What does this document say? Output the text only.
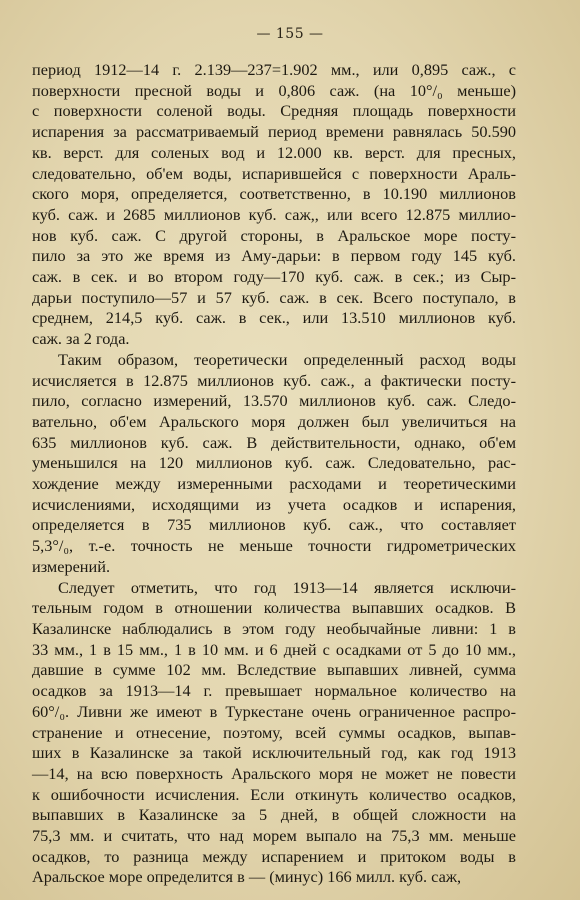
— 155 —
период 1912—14 г. 2.139—237=1.902 мм., или 0,895 саж., с
поверхности пресной воды и 0,806 саж. (на 10°/₀ меньше)
с поверхности соленой воды. Средняя площадь поверхности
испарения за рассматриваемый период времени равнялась 50.590
кв. верст. для соленых вод и 12.000 кв. верст. для пресных,
следовательно, об'ем воды, испарившейся с поверхности Араль-
ского моря, определяется, соответственно, в 10.190 миллионов
куб. саж. и 2685 миллионов куб. саж,, или всего 12.875 миллио-
нов куб. саж. С другой стороны, в Аральское море посту-
пило за это же время из Аму-дарьи: в первом году 145 куб.
саж. в сек. и во втором году—170 куб. саж. в сек.; из Сыр-
дарьи поступило—57 и 57 куб. саж. в сек. Всего поступало, в
среднем, 214,5 куб. саж. в сек., или 13.510 миллионов куб.
саж. за 2 года.
Таким образом, теоретически определенный расход воды
исчисляется в 12.875 миллионов куб. саж., а фактически посту-
пило, согласно измерений, 13.570 миллионов куб. саж. Следо-
вательно, об'ем Аральского моря должен был увеличиться на
635 миллионов куб. саж. В действительности, однако, об'ем
уменьшился на 120 миллионов куб. саж. Следовательно, рас-
хождение между измеренными расходами и теоретическими
исчислениями, исходящими из учета осадков и испарения,
определяется в 735 миллионов куб. саж., что составляет
5,3°/₀, т.-е. точность не меньше точности гидрометрических
измерений.
Следует отметить, что год 1913—14 является исключи-
тельным годом в отношении количества выпавших осадков. В
Казалинске наблюдались в этом году необычайные ливни: 1 в
33 мм., 1 в 15 мм., 1 в 10 мм. и 6 дней с осадками от 5 до 10 мм.,
давшие в сумме 102 мм. Вследствие выпавших ливней, сумма
осадков за 1913—14 г. превышает нормальное количество на
60°/₀. Ливни же имеют в Туркестане очень ограниченное распро-
странение и отнесение, поэтому, всей суммы осадков, выпав-
ших в Казалинске за такой исключительный год, как год 1913
—14, на всю поверхность Аральского моря не может не повести
к ошибочности исчисления. Если откинуть количество осадков,
выпавших в Казалинске за 5 дней, в общей сложности на
75,3 мм. и считать, что над морем выпало на 75,3 мм. меньше
осадков, то разница между испарением и притоком воды в
Аральское море определится в — (минус) 166 милл. куб. саж,
